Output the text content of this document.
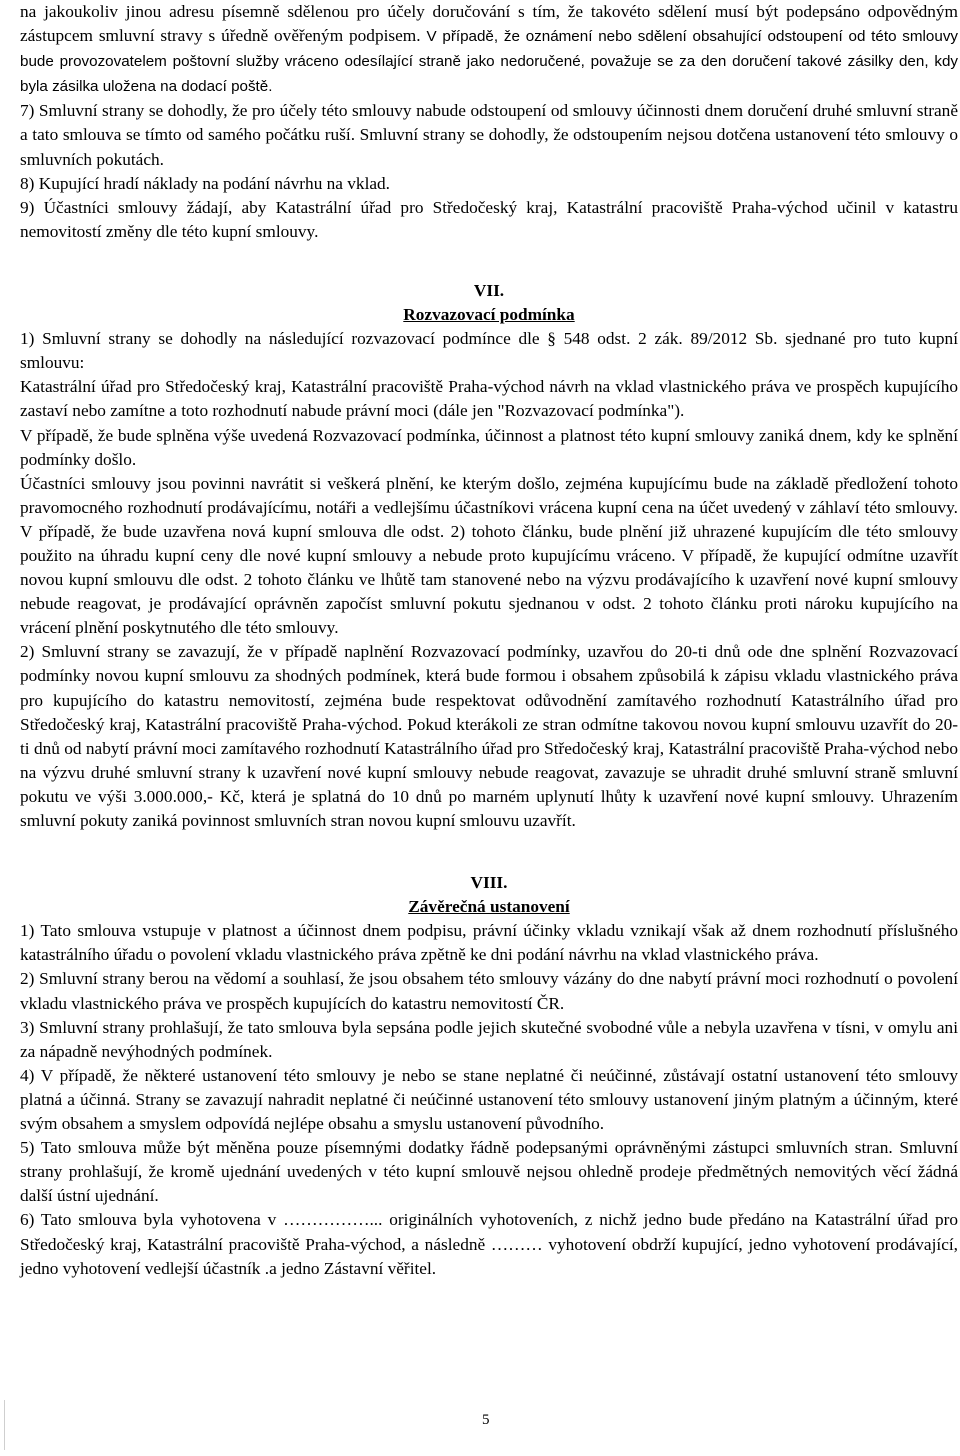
na jakoukoliv jinou adresu písemně sdělenou pro účely doručování s tím, že takovéto sdělení musí být podepsáno odpovědným zástupcem smluvní stravy s úředně ověřeným podpisem. V případě, že oznámení nebo sdělení obsahující odstoupení od této smlouvy bude provozovatelem poštovní služby vráceno odesílající straně jako nedoručené, považuje se za den doručení takové zásilky den, kdy byla zásilka uložena na dodací poště.

7) Smluvní strany se dohodly, že pro účely této smlouvy nabude odstoupení od smlouvy účinnosti dnem doručení druhé smluvní straně a tato smlouva se tímto od samého počátku ruší. Smluvní strany se dohodly, že odstoupením nejsou dotčena ustanovení této smlouvy o smluvních pokutách.

8) Kupující hradí náklady na podání návrhu na vklad.

9) Účastníci smlouvy žádají, aby Katastrální úřad pro Středočeský kraj, Katastrální pracoviště Praha-východ učinil v katastru nemovitostí změny dle této kupní smlouvy.

VII.

Rozvazovací podmínka

1) Smluvní strany se dohodly na následující rozvazovací podmínce dle § 548 odst. 2 zák. 89/2012 Sb. sjednané pro tuto kupní smlouvu:

Katastrální úřad pro Středočeský kraj, Katastrální pracoviště Praha-východ návrh na vklad vlastnického práva ve prospěch kupujícího zastaví nebo zamítne a toto rozhodnutí nabude právní moci (dále jen "Rozvazovací podmínka").

V případě, že bude splněna výše uvedená Rozvazovací podmínka, účinnost a platnost této kupní smlouvy zaniká dnem, kdy ke splnění podmínky došlo.

Účastníci smlouvy jsou povinni navrátit si veškerá plnění, ke kterým došlo, zejména kupujícímu bude na základě předložení tohoto pravomocného rozhodnutí prodávajícímu, notáři a vedlejšímu účastníkovi vrácena kupní cena na účet uvedený v záhlaví této smlouvy. V případě, že bude uzavřena nová kupní smlouva dle odst. 2) tohoto článku, bude plnění již uhrazené kupujícím dle této smlouvy použito na úhradu kupní ceny dle nové kupní smlouvy a nebude proto kupujícímu vráceno. V případě, že kupující odmítne uzavřít novou kupní smlouvu dle odst. 2 tohoto článku ve lhůtě tam stanovené nebo na výzvu prodávajícího k uzavření nové kupní smlouvy nebude reagovat, je prodávající oprávněn započíst smluvní pokutu sjednanou v odst. 2 tohoto článku proti nároku kupujícího na vrácení plnění poskytnutého dle této smlouvy.

2) Smluvní strany se zavazují, že v případě naplnění Rozvazovací podmínky, uzavřou do 20-ti dnů ode dne splnění Rozvazovací podmínky novou kupní smlouvu za shodných podmínek, která bude formou i obsahem způsobilá k zápisu vkladu vlastnického práva pro kupujícího do katastru nemovitostí, zejména bude respektovat odůvodnění zamítavého rozhodnutí Katastrálního úřad pro Středočeský kraj, Katastrální pracoviště Praha-východ. Pokud kterákoli ze stran odmítne takovou novou kupní smlouvu uzavřít do 20-ti dnů od nabytí právní moci zamítavého rozhodnutí Katastrálního úřad pro Středočeský kraj, Katastrální pracoviště Praha-východ nebo na výzvu druhé smluvní strany k uzavření nové kupní smlouvy nebude reagovat, zavazuje se uhradit druhé smluvní straně smluvní pokutu ve výši 3.000.000,- Kč, která je splatná do 10 dnů po marném uplynutí lhůty k uzavření nové kupní smlouvy. Uhrazením smluvní pokuty zaniká povinnost smluvních stran novou kupní smlouvu uzavřít.

VIII.

Závěrečná ustanovení

1) Tato smlouva vstupuje v platnost a účinnost dnem podpisu, právní účinky vkladu vznikají však až dnem rozhodnutí příslušného katastrálního úřadu o povolení vkladu vlastnického práva zpětně ke dni podání návrhu na vklad vlastnického práva.

2) Smluvní strany berou na vědomí a souhlasí, že jsou obsahem této smlouvy vázány do dne nabytí právní moci rozhodnutí o povolení vkladu vlastnického práva ve prospěch kupujících do katastru nemovitostí ČR.

3) Smluvní strany prohlašují, že tato smlouva byla sepsána podle jejich skutečné svobodné vůle a nebyla uzavřena v tísni, v omylu ani za nápadně nevýhodných podmínek.

4) V případě, že některé ustanovení této smlouvy je nebo se stane neplatné či neúčinné, zůstávají ostatní ustanovení této smlouvy platná a účinná. Strany se zavazují nahradit neplatné či neúčinné ustanovení této smlouvy ustanovení jiným platným a účinným, které svým obsahem a smyslem odpovídá nejlépe obsahu a smyslu ustanovení původního.

5) Tato smlouva může být měněna pouze písemnými dodatky řádně podepsanými oprávněnými zástupci smluvních stran. Smluvní strany prohlašují, že kromě ujednání uvedených v této kupní smlouvě nejsou ohledně prodeje předmětných nemovitých věcí žádná další ústní ujednání.

6) Tato smlouva byla vyhotovena v ……………... originálních vyhotoveních, z nichž jedno bude předáno na Katastrální úřad pro Středočeský kraj, Katastrální pracoviště Praha-východ, a následně ……… vyhotovení obdrží kupující, jedno vyhotovení prodávající, jedno vyhotovení vedlejší účastník .a jedno Zástavní věřitel.

5
